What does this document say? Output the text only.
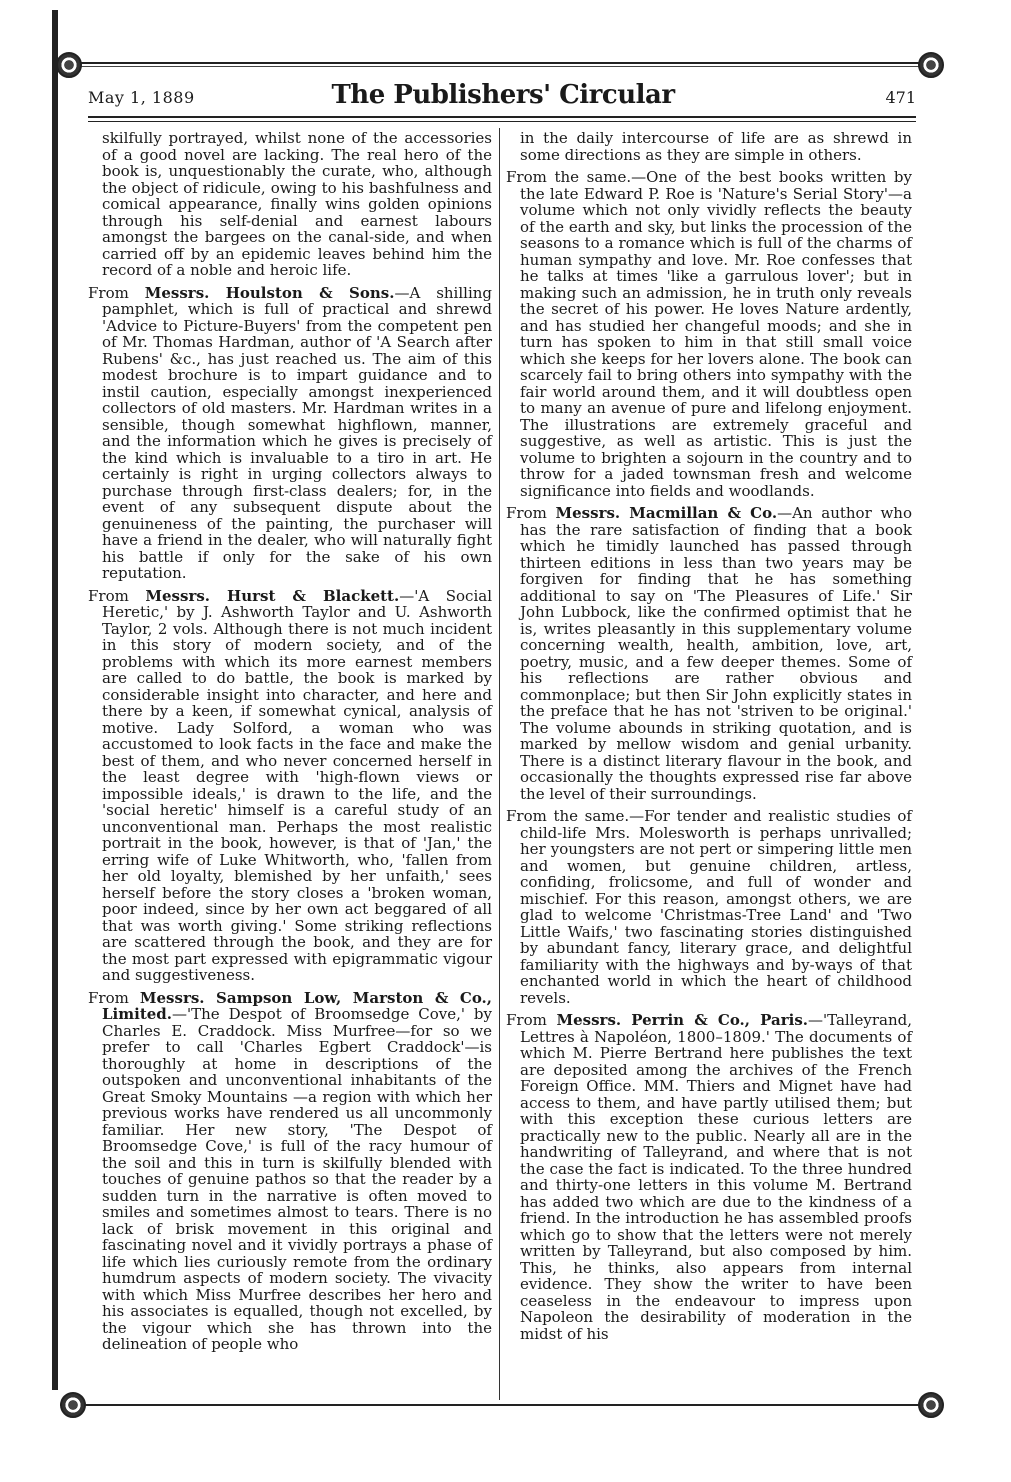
May 1, 1889	The Publishers' Circular	471

skilfully portrayed, whilst none of the accessories of a good novel are lacking. The real hero of the book is, unquestionably the curate, who, although the object of ridicule, owing to his bashfulness and comical appearance, finally wins golden opinions through his self-denial and earnest labours amongst the bargees on the canal-side, and when carried off by an epidemic leaves behind him the record of a noble and heroic life.

From Messrs. Houlston & Sons.—A shilling pamphlet, which is full of practical and shrewd 'Advice to Picture-Buyers' from the competent pen of Mr. Thomas Hardman, author of 'A Search after Rubens' &c., has just reached us. The aim of this modest brochure is to impart guidance and to instil caution, especially amongst inexperienced collectors of old masters. Mr. Hardman writes in a sensible, though somewhat highflown, manner, and the information which he gives is precisely of the kind which is invaluable to a tiro in art. He certainly is right in urging collectors always to purchase through first-class dealers; for, in the event of any subsequent dispute about the genuineness of the painting, the purchaser will have a friend in the dealer, who will naturally fight his battle if only for the sake of his own reputation.

From Messrs. Hurst & Blackett.—'A Social Heretic,' by J. Ashworth Taylor and U. Ashworth Taylor, 2 vols. Although there is not much incident in this story of modern society, and of the problems with which its more earnest members are called to do battle, the book is marked by considerable insight into character, and here and there by a keen, if somewhat cynical, analysis of motive. Lady Solford, a woman who was accustomed to look facts in the face and make the best of them, and who never concerned herself in the least degree with 'high-flown views or impossible ideals,' is drawn to the life, and the 'social heretic' himself is a careful study of an unconventional man. Perhaps the most realistic portrait in the book, however, is that of 'Jan,' the erring wife of Luke Whitworth, who, 'fallen from her old loyalty, blemished by her unfaith,' sees herself before the story closes a 'broken woman, poor indeed, since by her own act beggared of all that was worth giving.' Some striking reflections are scattered through the book, and they are for the most part expressed with epigrammatic vigour and suggestiveness.

From Messrs. Sampson Low, Marston & Co., Limited.—'The Despot of Broomsedge Cove,' by Charles E. Craddock. Miss Murfree—for so we prefer to call 'Charles Egbert Craddock'—is thoroughly at home in descriptions of the outspoken and unconventional inhabitants of the Great Smoky Mountains —a region with which her previous works have rendered us all uncommonly familiar. Her new story, 'The Despot of Broomsedge Cove,' is full of the racy humour of the soil and this in turn is skilfully blended with touches of genuine pathos so that the reader by a sudden turn in the narrative is often moved to smiles and sometimes almost to tears. There is no lack of brisk movement in this original and fascinating novel and it vividly portrays a phase of life which lies curiously remote from the ordinary humdrum aspects of modern society. The vivacity with which Miss Murfree describes her hero and his associates is equalled, though not excelled, by the vigour which she has thrown into the delineation of people who

in the daily intercourse of life are as shrewd in some directions as they are simple in others.

From the same.—One of the best books written by the late Edward P. Roe is 'Nature's Serial Story'—a volume which not only vividly reflects the beauty of the earth and sky, but links the procession of the seasons to a romance which is full of the charms of human sympathy and love. Mr. Roe confesses that he talks at times 'like a garrulous lover'; but in making such an admission, he in truth only reveals the secret of his power. He loves Nature ardently, and has studied her changeful moods; and she in turn has spoken to him in that still small voice which she keeps for her lovers alone. The book can scarcely fail to bring others into sympathy with the fair world around them, and it will doubtless open to many an avenue of pure and lifelong enjoyment. The illustrations are extremely graceful and suggestive, as well as artistic. This is just the volume to brighten a sojourn in the country and to throw for a jaded townsman fresh and welcome significance into fields and woodlands.

From Messrs. Macmillan & Co.—An author who has the rare satisfaction of finding that a book which he timidly launched has passed through thirteen editions in less than two years may be forgiven for finding that he has something additional to say on 'The Pleasures of Life.' Sir John Lubbock, like the confirmed optimist that he is, writes pleasantly in this supplementary volume concerning wealth, health, ambition, love, art, poetry, music, and a few deeper themes. Some of his reflections are rather obvious and commonplace; but then Sir John explicitly states in the preface that he has not 'striven to be original.' The volume abounds in striking quotation, and is marked by mellow wisdom and genial urbanity. There is a distinct literary flavour in the book, and occasionally the thoughts expressed rise far above the level of their surroundings.

From the same.—For tender and realistic studies of child-life Mrs. Molesworth is perhaps unrivalled; her youngsters are not pert or simpering little men and women, but genuine children, artless, confiding, frolicsome, and full of wonder and mischief. For this reason, amongst others, we are glad to welcome 'Christmas-Tree Land' and 'Two Little Waifs,' two fascinating stories distinguished by abundant fancy, literary grace, and delightful familiarity with the highways and by-ways of that enchanted world in which the heart of childhood revels.

From Messrs. Perrin & Co., Paris.—'Talleyrand, Lettres à Napoléon, 1800–1809.' The documents of which M. Pierre Bertrand here publishes the text are deposited among the archives of the French Foreign Office. MM. Thiers and Mignet have had access to them, and have partly utilised them; but with this exception these curious letters are practically new to the public. Nearly all are in the handwriting of Talleyrand, and where that is not the case the fact is indicated. To the three hundred and thirty-one letters in this volume M. Bertrand has added two which are due to the kindness of a friend. In the introduction he has assembled proofs which go to show that the letters were not merely written by Talleyrand, but also composed by him. This, he thinks, also appears from internal evidence. They show the writer to have been ceaseless in the endeavour to impress upon Napoleon the desirability of moderation in the midst of his
